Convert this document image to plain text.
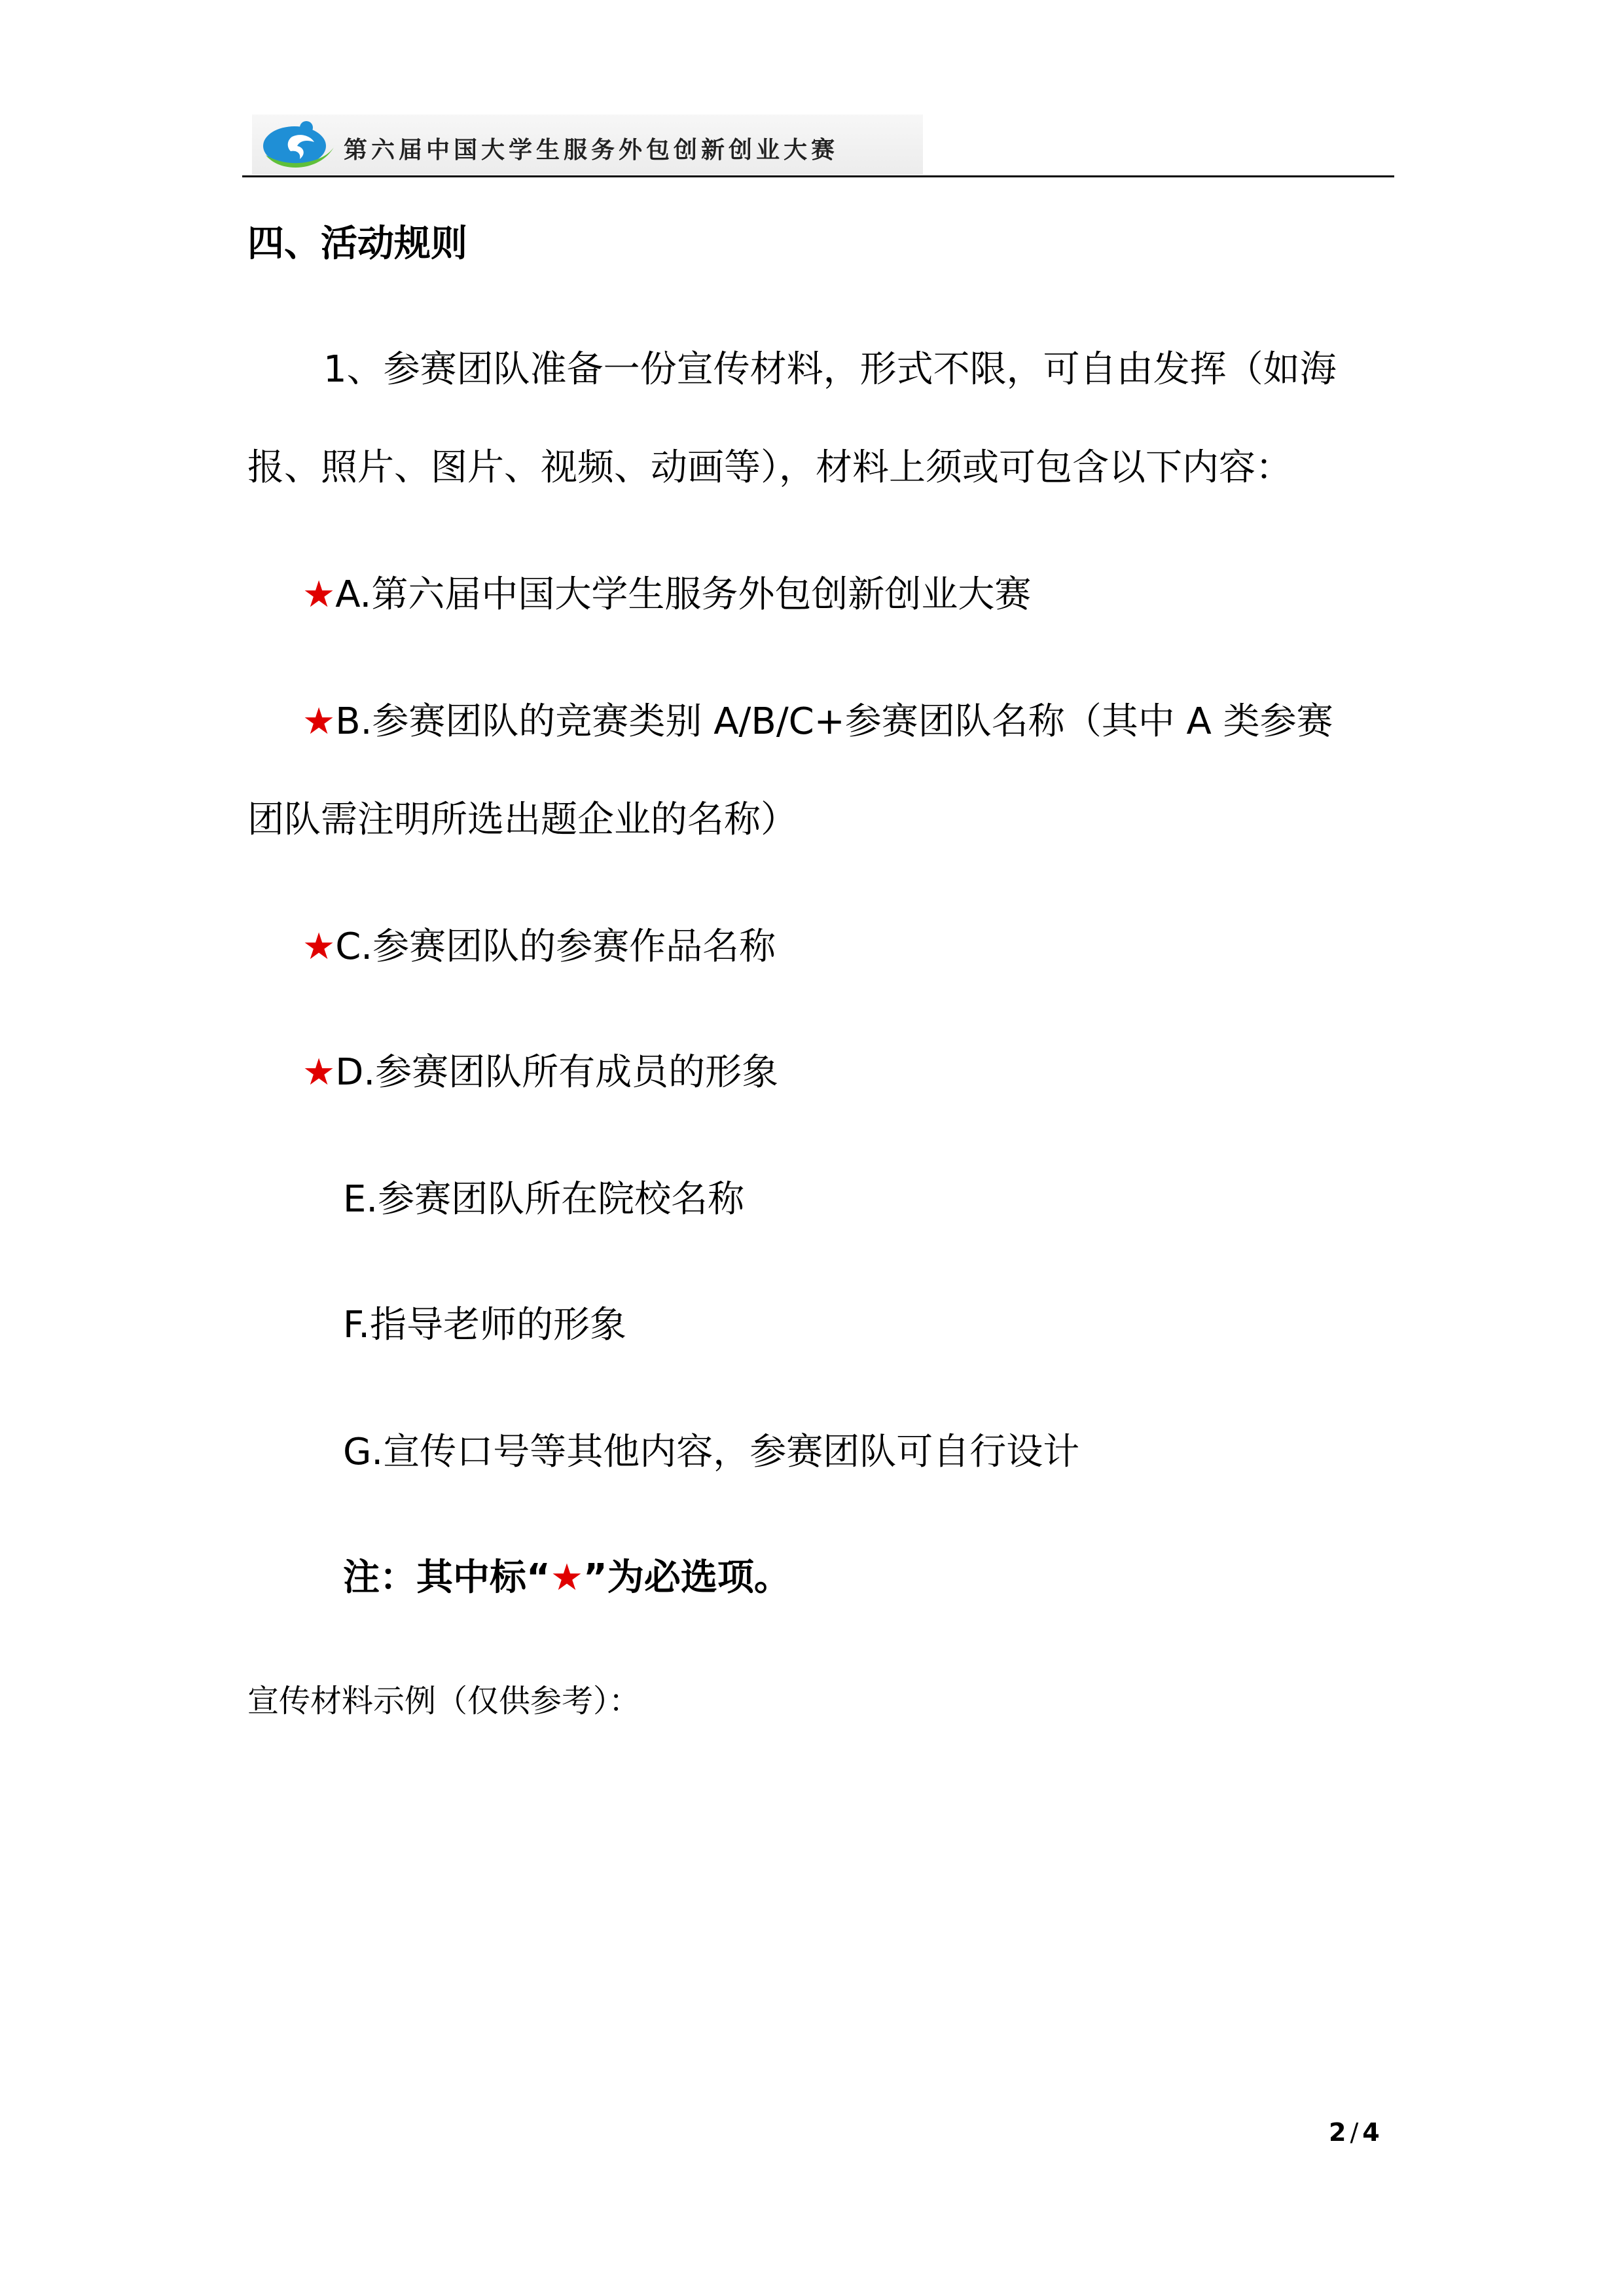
第六届中国大学生服务外包创新创业大赛
四、活动规则
1、参赛团队准备一份宣传材料，形式不限，可自由发挥（如海
报、照片、图片、视频、动画等），材料上须或可包含以下内容：
★A.第六届中国大学生服务外包创新创业大赛
★B.参赛团队的竞赛类别 A/B/C+参赛团队名称（其中 A 类参赛
团队需注明所选出题企业的名称）
★C.参赛团队的参赛作品名称
★D.参赛团队所有成员的形象
E.参赛团队所在院校名称
F.指导老师的形象
G.宣传口号等其他内容，参赛团队可自行设计
注：其中标“★”为必选项。
宣传材料示例（仅供参考）：
2 / 4
